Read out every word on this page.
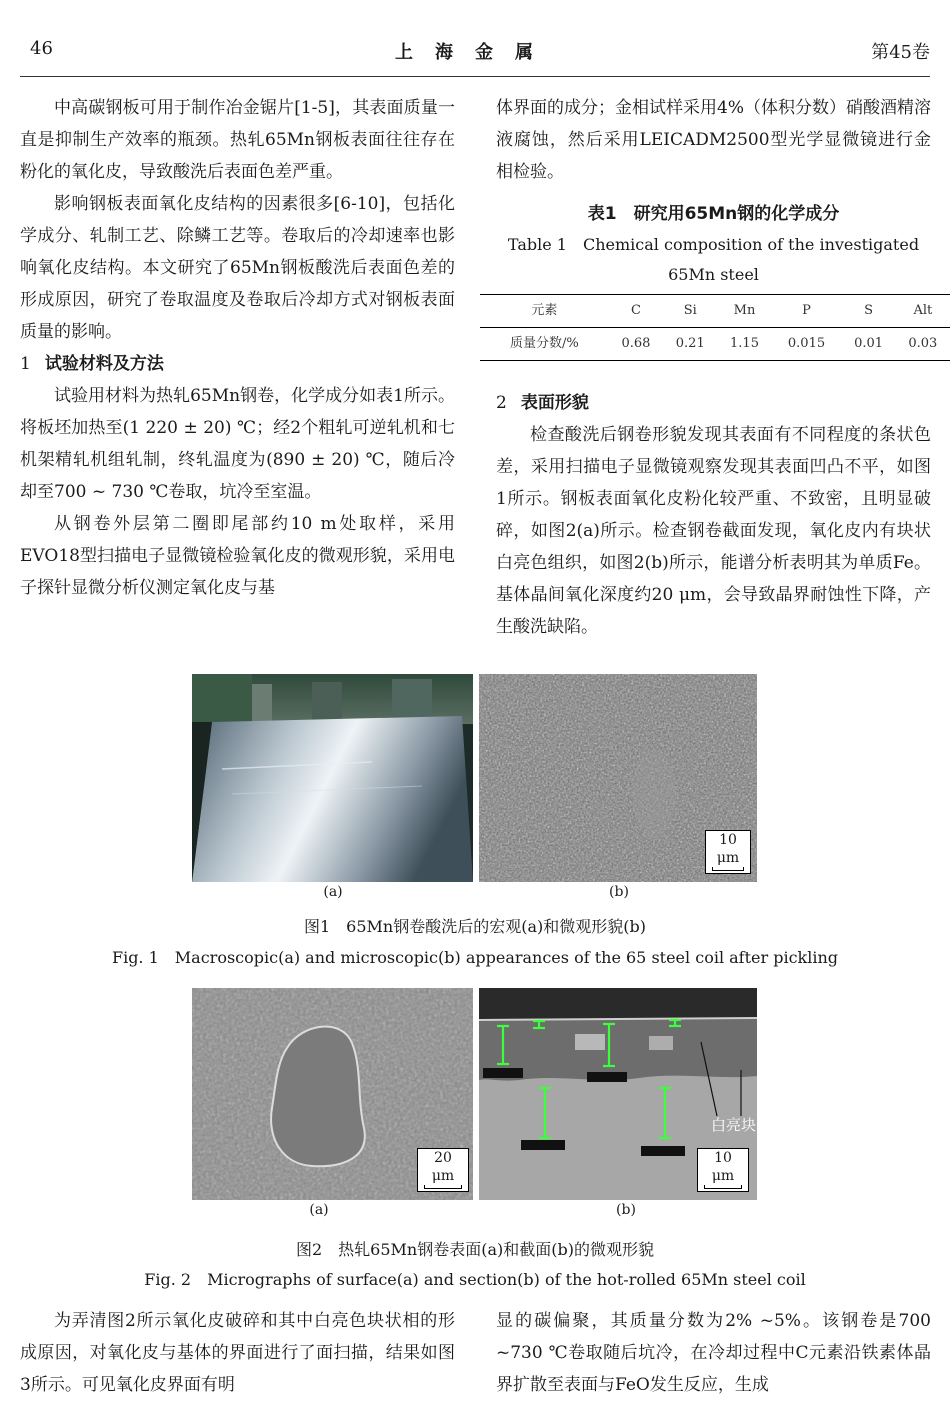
46	上海金属	第45卷

中高碳钢板可用于制作冶金锯片[1-5]，其表面质量一直是抑制生产效率的瓶颈。热轧65Mn钢板表面往往存在粉化的氧化皮，导致酸洗后表面色差严重。

影响钢板表面氧化皮结构的因素很多[6-10]，包括化学成分、轧制工艺、除鳞工艺等。卷取后的冷却速率也影响氧化皮结构。本文研究了65Mn钢板酸洗后表面色差的形成原因，研究了卷取温度及卷取后冷却方式对钢板表面质量的影响。

1 试验材料及方法

试验用材料为热轧65Mn钢卷，化学成分如表1所示。将板坯加热至(1 220 ± 20) ℃；经2个粗轧可逆轧机和七机架精轧机组轧制，终轧温度为(890 ± 20) ℃，随后冷却至700 ~ 730 ℃卷取，坑冷至室温。

从钢卷外层第二圈即尾部约10 m处取样，采用EVO18型扫描电子显微镜检验氧化皮的微观形貌，采用电子探针显微分析仪测定氧化皮与基

体界面的成分；金相试样采用4%（体积分数）硝酸酒精溶液腐蚀，然后采用LEICADM2500型光学显微镜进行金相检验。

表1　研究用65Mn钢的化学成分
Table 1　Chemical composition of the investigated 65Mn steel
元素	C	Si	Mn	P	S	Alt
质量分数/%	0.68	0.21	1.15	0.015	0.01	0.03
2 表面形貌

检查酸洗后钢卷形貌发现其表面有不同程度的条状色差，采用扫描电子显微镜观察发现其表面凹凸不平，如图1所示。钢板表面氧化皮粉化较严重、不致密，且明显破碎，如图2(a)所示。检查钢卷截面发现，氧化皮内有块状白亮色组织，如图2(b)所示，能谱分析表明其为单质Fe。基体晶间氧化深度约20 μm，会导致晶界耐蚀性下降，产生酸洗缺陷。

10 μm
(a)	(b)
图1　65Mn钢卷酸洗后的宏观(a)和微观形貌(b)
Fig. 1　Macroscopic(a) and microscopic(b) appearances of the 65 steel coil after pickling
20 μm
白亮块
10 μm
(a)	(b)
图2　热轧65Mn钢卷表面(a)和截面(b)的微观形貌
Fig. 2　Micrographs of surface(a) and section(b) of the hot-rolled 65Mn steel coil

为弄清图2所示氧化皮破碎和其中白亮色块状相的形成原因，对氧化皮与基体的界面进行了面扫描，结果如图3所示。可见氧化皮界面有明

显的碳偏聚，其质量分数为2% ~5%。该钢卷是700 ~730 ℃卷取随后坑冷，在冷却过程中C元素沿铁素体晶界扩散至表面与FeO发生反应，生成
